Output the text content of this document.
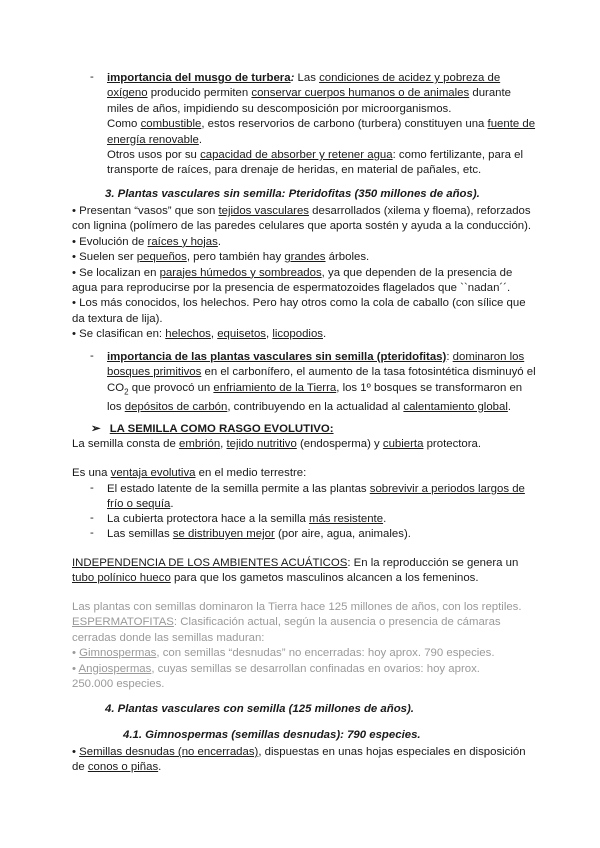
- importancia del musgo de turbera: Las condiciones de acidez y pobreza de
oxígeno producido permiten conservar cuerpos humanos o de animales durante
miles de años, impidiendo su descomposición por microorganismos.
Como combustible, estos reservorios de carbono (turbera) constituyen una fuente de
energía renovable.
Otros usos por su capacidad de absorber y retener agua: como fertilizante, para el
transporte de raíces, para drenaje de heridas, en material de pañales, etc.
3. Plantas vasculares sin semilla: Pteridofitas (350 millones de años).
• Presentan “vasos” que son tejidos vasculares desarrollados (xilema y floema), reforzados
con lignina (polímero de las paredes celulares que aporta sostén y ayuda a la conducción).
• Evolución de raíces y hojas.
• Suelen ser pequeños, pero también hay grandes árboles.
• Se localizan en parajes húmedos y sombreados, ya que dependen de la presencia de
agua para reproducirse por la presencia de espermatozoides flagelados que ``nadan´´.
• Los más conocidos, los helechos. Pero hay otros como la cola de caballo (con sílice que
da textura de lija).
• Se clasifican en: helechos, equisetos, licopodios.
- importancia de las plantas vasculares sin semilla (pteridofitas): dominaron los
bosques primitivos en el carbonífero, el aumento de la tasa fotosintética disminuyó el
$CO_2$ que provocó un enfriamiento de la Tierra, los 1º bosques se transformaron en
los depósitos de carbón, contribuyendo en la actualidad al calentamiento global.
➢ LA SEMILLA COMO RASGO EVOLUTIVO:
La semilla consta de embrión, tejido nutritivo (endosperma) y cubierta protectora.
Es una ventaja evolutiva en el medio terrestre:
- El estado latente de la semilla permite a las plantas sobrevivir a periodos largos de
frío o sequía.
- La cubierta protectora hace a la semilla más resistente.
- Las semillas se distribuyen mejor (por aire, agua, animales).
INDEPENDENCIA DE LOS AMBIENTES ACUÁTICOS: En la reproducción se genera un
tubo polínico hueco para que los gametos masculinos alcancen a los femeninos.
Las plantas con semillas dominaron la Tierra hace 125 millones de años, con los reptiles.
ESPERMATOFITAS: Clasificación actual, según la ausencia o presencia de cámaras
cerradas donde las semillas maduran:
• Gimnospermas, con semillas “desnudas” no encerradas: hoy aprox. 790 especies.
• Angiospermas, cuyas semillas se desarrollan confinadas en ovarios: hoy aprox.
250.000 especies.
4. Plantas vasculares con semilla (125 millones de años).
4.1. Gimnospermas (semillas desnudas): 790 especies.
• Semillas desnudas (no encerradas), dispuestas en unas hojas especiales en disposición
de conos o piñas.
